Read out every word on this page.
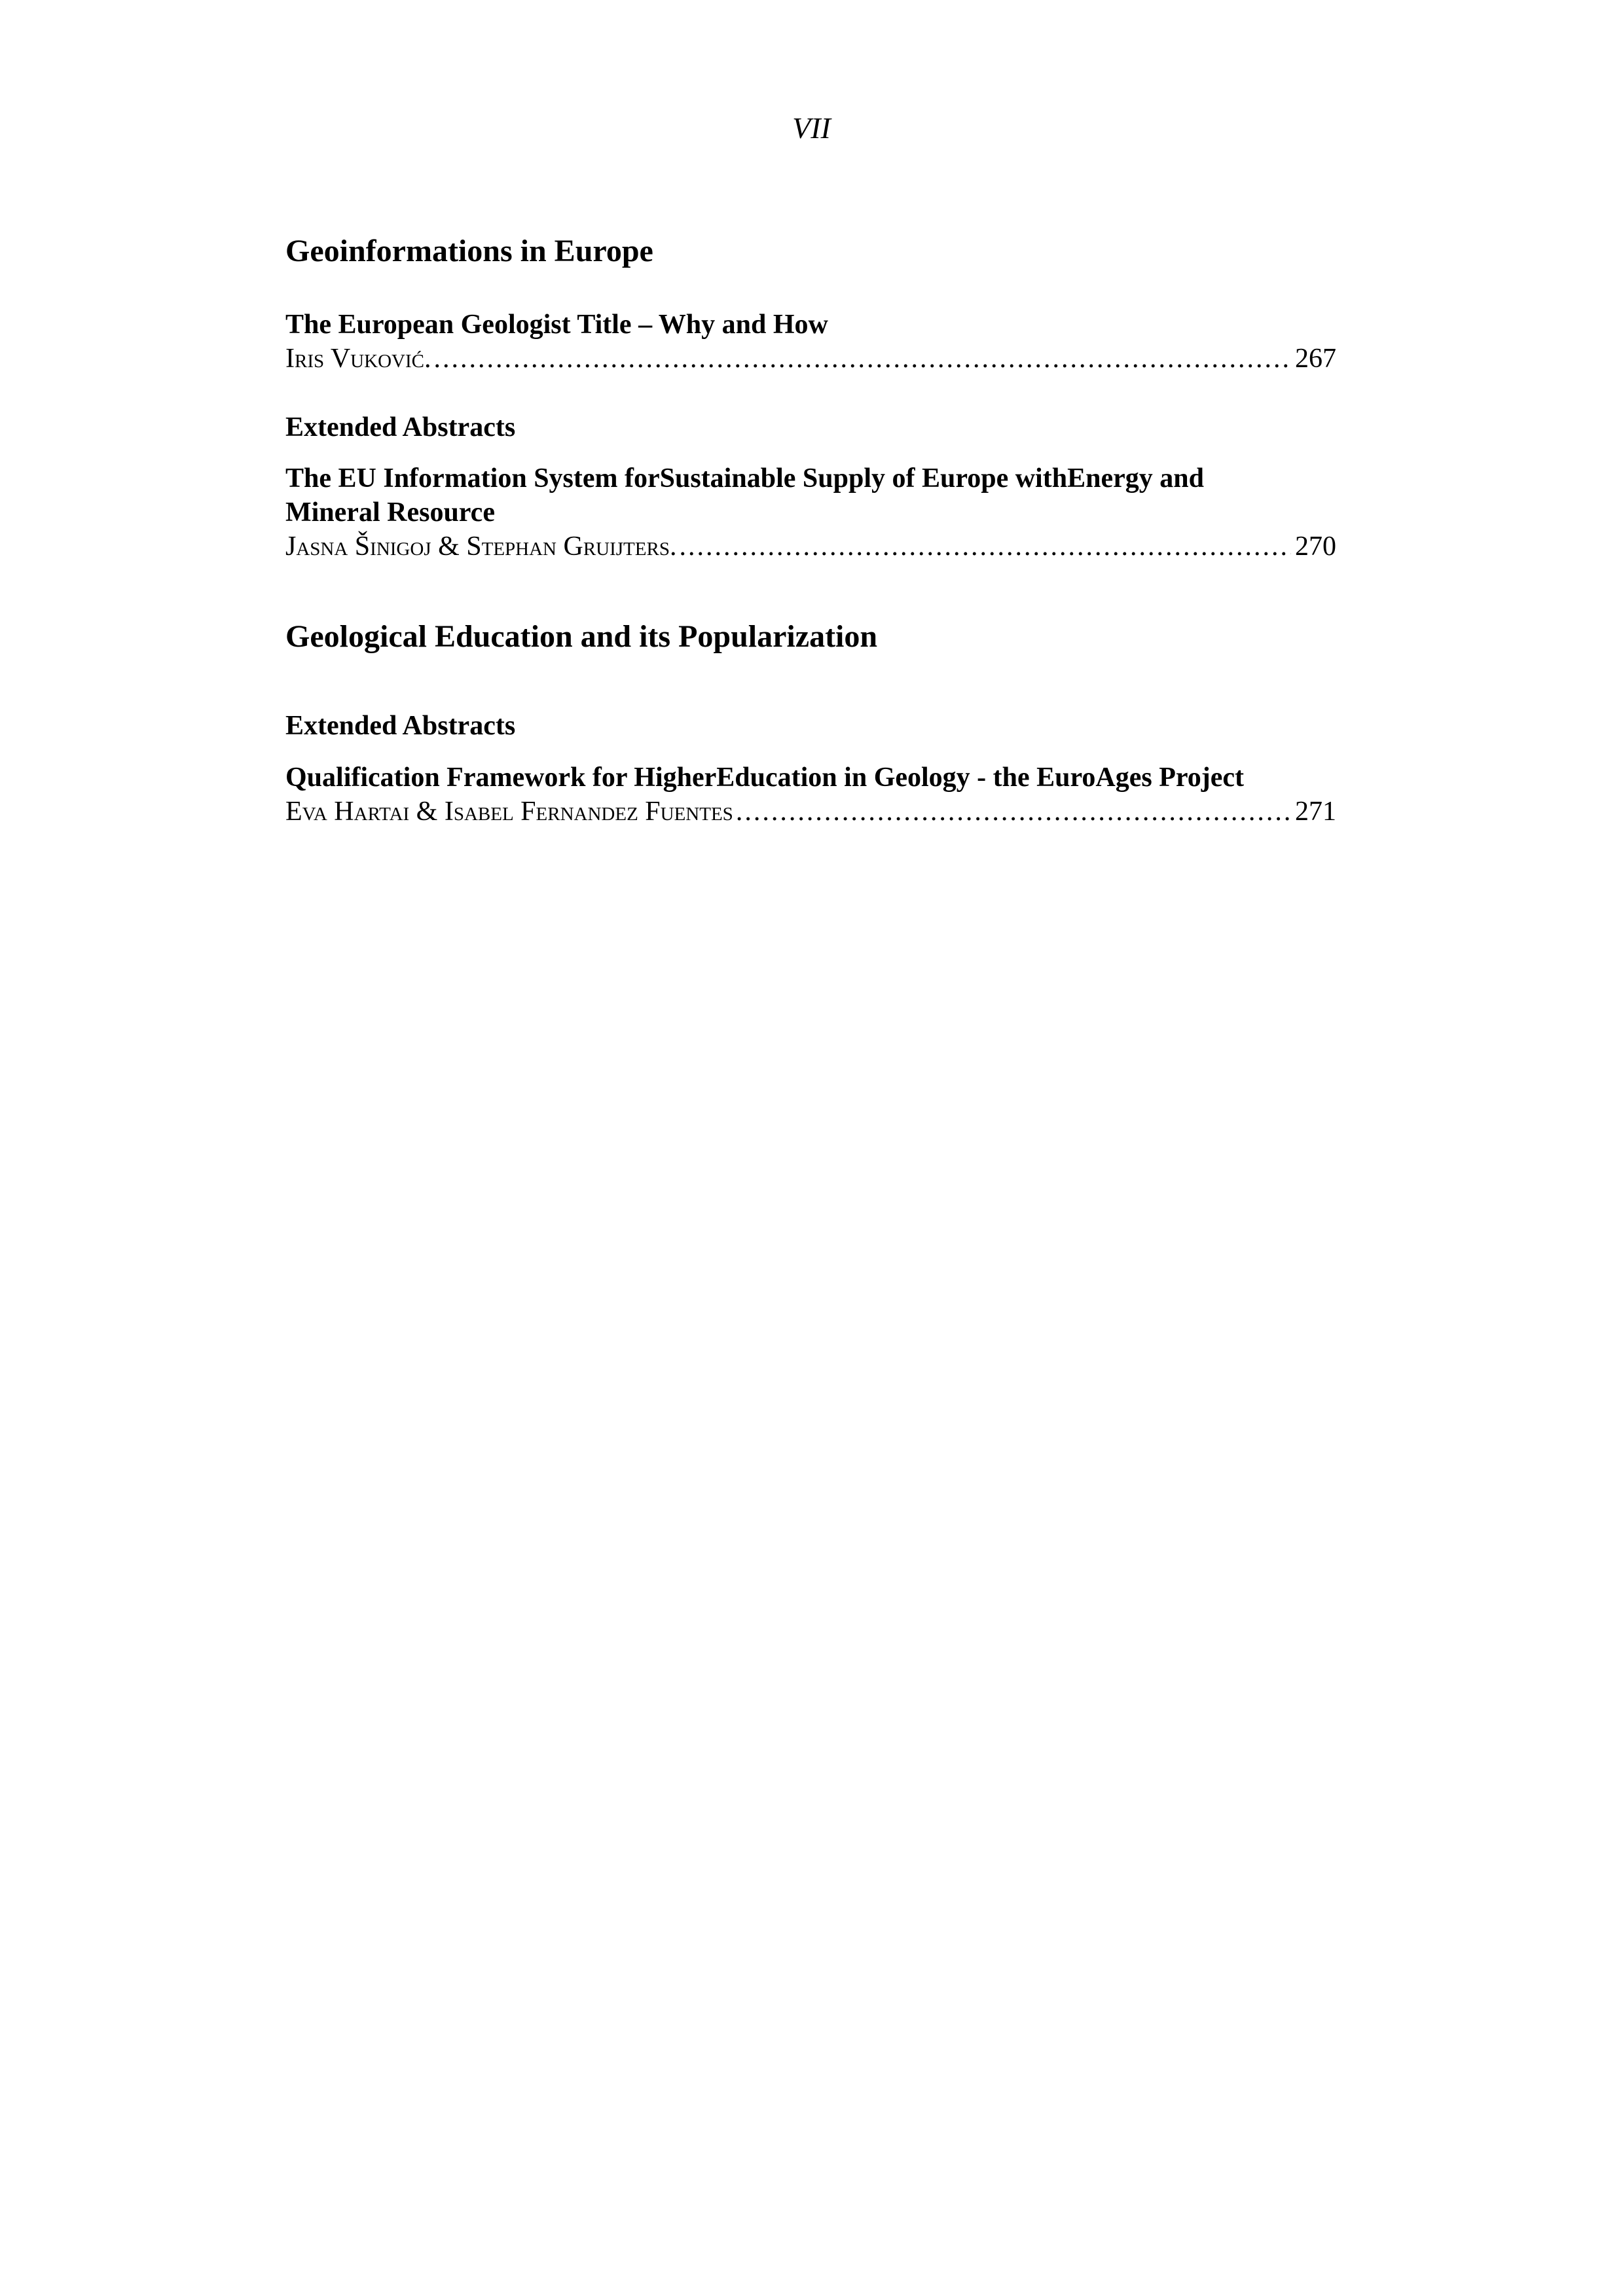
VII
Geoinformations in Europe
The European Geologist Title – Why and How
Iris Vuković. .....	267
Extended Abstracts
The EU Information System forSustainable Supply of Europe withEnergy and Mineral Resource
Jasna Šinigoj & Stephan Gruijters. .....	270
Geological Education and its Popularization
Extended Abstracts
Qualification Framework for HigherEducation in Geology - the EuroAges Project
Eva Hartai & Isabel Fernandez Fuentes .....	271
